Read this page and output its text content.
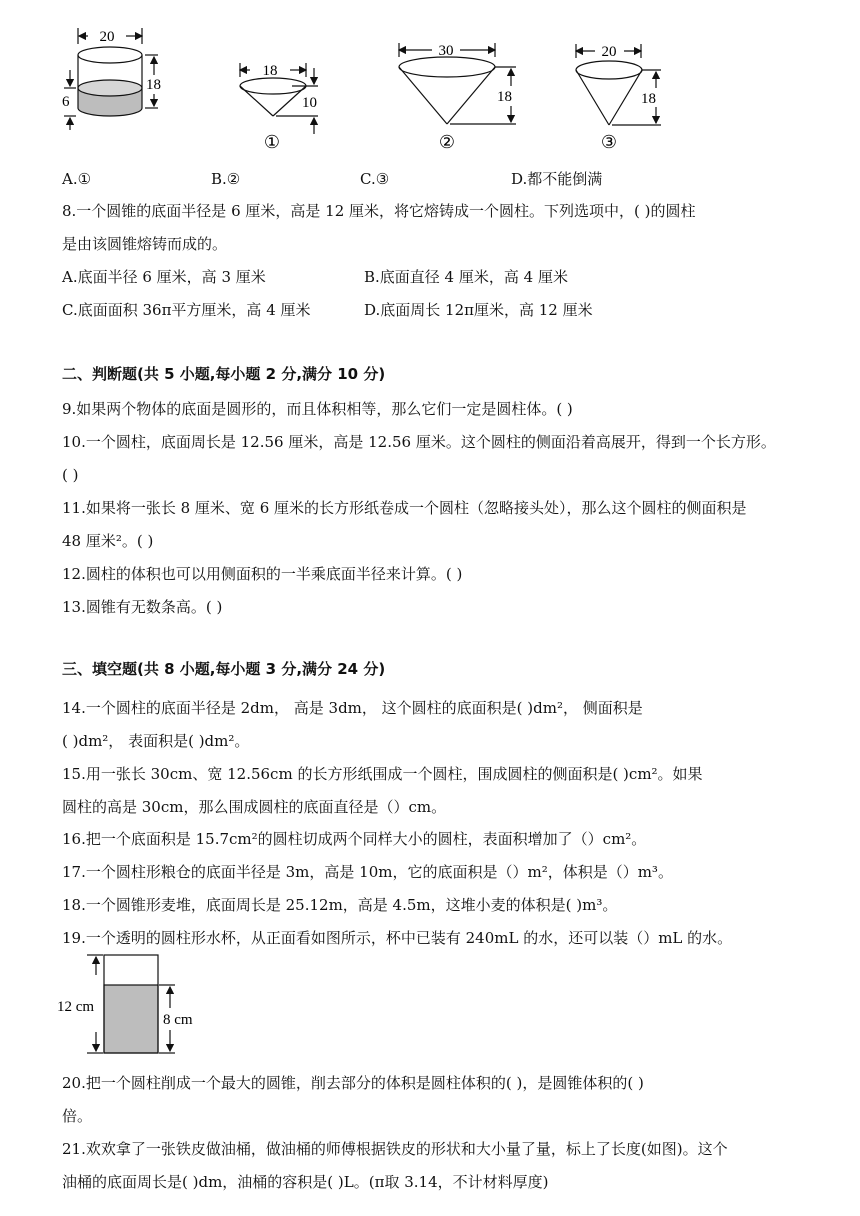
20
18
6
18
10
①
30
18
②
20
18
③
A.①	B.②	C.③	D.都不能倒满
8.一个圆锥的底面半径是 6 厘米，高是 12 厘米，将它熔铸成一个圆柱。下列选项中，( )的圆柱
是由该圆锥熔铸而成的。
A.底面半径 6 厘米，高 3 厘米	B.底面直径 4 厘米，高 4 厘米
C.底面面积 36π平方厘米，高 4 厘米	D.底面周长 12π厘米，高 12 厘米
二、判断题(共 5 小题,每小题 2 分,满分 10 分)
9.如果两个物体的底面是圆形的，而且体积相等，那么它们一定是圆柱体。( )
10.一个圆柱，底面周长是 12.56 厘米，高是 12.56 厘米。这个圆柱的侧面沿着高展开，得到一个长方形。
( )
11.如果将一张长 8 厘米、宽 6 厘米的长方形纸卷成一个圆柱（忽略接头处），那么这个圆柱的侧面积是
48 厘米²。( )
12.圆柱的体积也可以用侧面积的一半乘底面半径来计算。( )
13.圆锥有无数条高。( )
三、填空题(共 8 小题,每小题 3 分,满分 24 分)
14.一个圆柱的底面半径是 2dm， 高是 3dm， 这个圆柱的底面积是( )dm²， 侧面积是
( )dm²， 表面积是( )dm²。
15.用一张长 30cm、宽 12.56cm 的长方形纸围成一个圆柱，围成圆柱的侧面积是( )cm²。如果
圆柱的高是 30cm，那么围成圆柱的底面直径是（）cm。
16.把一个底面积是 15.7cm²的圆柱切成两个同样大小的圆柱，表面积增加了（）cm²。
17.一个圆柱形粮仓的底面半径是 3m，高是 10m，它的底面积是（）m²，体积是（）m³。
18.一个圆锥形麦堆，底面周长是 25.12m，高是 4.5m，这堆小麦的体积是( )m³。
19.一个透明的圆柱形水杯，从正面看如图所示，杯中已装有 240mL 的水，还可以装（）mL 的水。
12 cm
8 cm
20.把一个圆柱削成一个最大的圆锥，削去部分的体积是圆柱体积的( )，是圆锥体积的( )
倍。
21.欢欢拿了一张铁皮做油桶，做油桶的师傅根据铁皮的形状和大小量了量，标上了长度(如图)。这个
油桶的底面周长是( )dm，油桶的容积是( )L。(π取 3.14，不计材料厚度)
